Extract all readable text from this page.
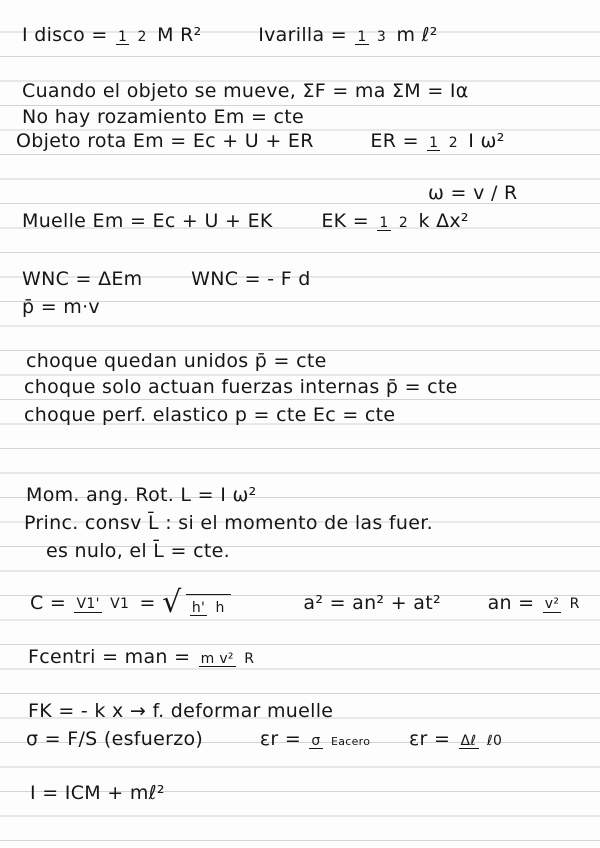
I disco = 1 2 M R²	Ivarilla = 1 3 m ℓ²
Cuando el objeto se mueve, ΣF = ma ΣM = Iα
No hay rozamiento Em = cte
Objeto rota Em = Ec + U + ER	ER = 1 2 I ω²
ω = v / R
Muelle Em = Ec + U + EK	EK = 1 2 k Δx²
WNC = ΔEm	WNC = - F d
p̄ = m·v
choque quedan unidos p̄ = cte
choque solo actuan fuerzas internas p̄ = cte
choque perf. elastico p = cte Ec = cte
Mom. ang. Rot. L = I ω²
Princ. consv L̄ : si el momento de las fuer.
es nulo, el L̄ = cte.
C = V1' V1 = √ h' h	a² = an² + at² an = v² R
Fcentri = man = m v² R
FK = - k x → f. deformar muelle
σ = F/S (esfuerzo)	εr = σ Eacero εr = Δℓ ℓ0
I = ICM + mℓ²
